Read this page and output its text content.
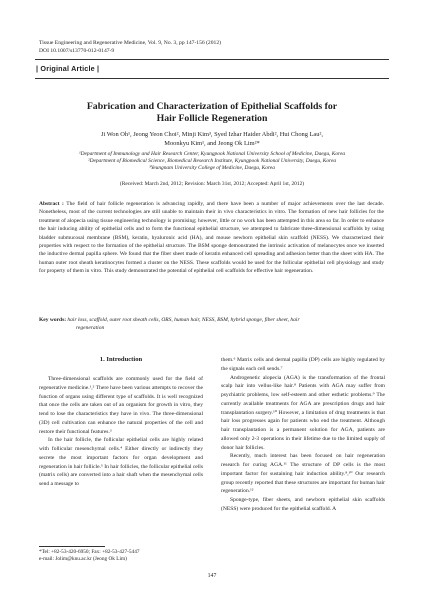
Tissue Engineering and Regenerative Medicine, Vol. 9, No. 3, pp 147-156 (2012)
DOI 10.1007/s13770-012-0147-9
| Original Article |
Fabrication and Characterization of Epithelial Scaffolds for
Hair Follicle Regeneration
Ji Won Oh¹, Jeong Yeon Choi², Minji Kim³, Syed Izhar Haider Abdi², Hui Chong Lau²,
Moonkyu Kim¹, and Jeong Ok Lim²*
¹Department of Immunology and Hair Research Center, Kyungpook National University School of Medicine, Daegu, Korea
²Department of Biomedical Science, Biomedical Research Institute, Kyungpook National University, Daegu, Korea
³Yeungnam University College of Medicine, Daegu, Korea
(Received: March 2nd, 2012; Revision: March 31st, 2012; Accepted: April 1st, 2012)
Abstract : The field of hair follicle regeneration is advancing rapidly, and there have been a number of major achievements over the last decade. Nonetheless, most of the current technologies are still unable to maintain their in vivo characteristics in vitro. The formation of new hair follicles for the treatment of alopecia using tissue engineering technology is promising; however, little or no work has been attempted in this area so far. In order to enhance the hair inducing ability of epithelial cells and to form the functional epithelial structure, we attempted to fabricate three-dimensional scaffolds by using bladder submucosal membrane (BSM), keratin, hyaluronic acid (HA), and mouse newborn epithelial skin scaffold (NESS). We characterized their properties with respect to the formation of the epithelial structure. The BSM sponge demonstrated the intrinsic activation of melanocytes once we inserted the inductive dermal papilla sphere. We found that the fiber sheet made of keratin enhanced cell spreading and adhesion better than the sheet with HA. The human outer root sheath keratinocytes formed a cluster on the NESS. These scaffolds would be used for the follicular epithelial cell physiology and study for property of them in vitro. This study demonstrated the potential of epithelial cell scaffolds for effective hair regeneration.
Key words: hair loss, scaffold, outer root sheath cells, ORS, human hair, NESS, BSM, hybrid sponge, fiber sheet, hair
regeneration
1. Introduction

Three-dimensional scaffolds are commonly used for the field of regenerative medicine.¹,² There have been various attempts to recover the function of organs using different type of scaffolds. It is well recognized that once the cells are taken out of an organism for growth in vitro, they tend to lose the characteristics they have in vivo. The three-dimensional (3D) cell cultivation can enhance the natural properties of the cell and restore their functional features.³

In the hair follicle, the follicular epithelial cells are highly related with follicular mesenchymal cells.⁴ Either directly or indirectly they secrete the most important factors for organ development and regeneration in hair follicle.⁵ In hair follicles, the follicular epithelial cells (matrix cells) are converted into a hair shaft when the mesenchymal cells send a message to

them.⁶ Matrix cells and dermal papilla (DP) cells are highly regulated by the signals each cell sends.⁷

Androgenetic alopecia (AGA) is the transformation of the frontal scalp hair into vellus-like hair.⁸ Patients with AGA may suffer from psychiatric problems, low self-esteem and other esthetic problems.⁹ The currently available treatments for AGA are prescription drugs and hair transplantation surgery.¹⁰ However, a limitation of drug treatments is that hair loss progresses again for patients who end the treatment. Although hair transplantation is a permanent solution for AGA, patients are allowed only 2-3 operations in their lifetime due to the limited supply of donor hair follicles.

Recently, much interest has been focused on hair regeneration research for curing AGA.¹¹ The structure of DP cells is the most important factor for sustaining hair induction ability.⁸,¹⁰ Our research group recently reported that these structures are important for human hair regeneration.¹²

Sponge-type, fiber sheets, and newborn epithelial skin scaffolds (NESS) were produced for the epithelial scaffold. A

*Tel: +82-53-420-6950; Fax: +82-53-427-5447
e-mail: Jolim@knu.ac.kr (Jeong Ok Lim)
147
